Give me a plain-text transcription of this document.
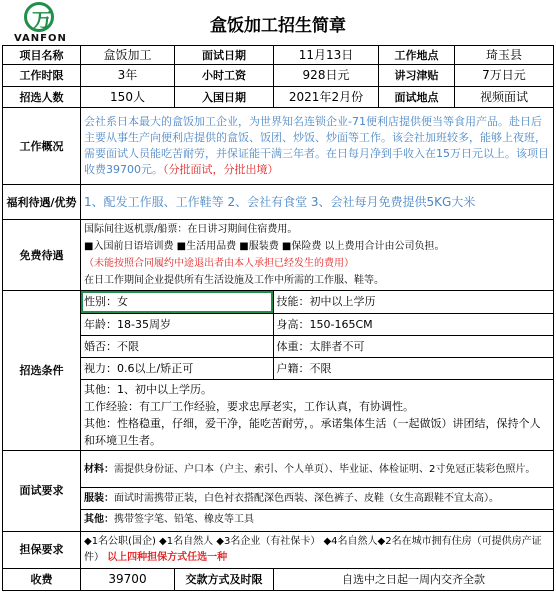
万
VANFON
盒饭加工招生简章
项目名称	盒饭加工	面试日期	11月13日	工作地点	琦玉县
工作时限	3年	小时工资	928日元	讲习津贴	7万日元
招选人数	150人	入国日期	2021年2月份	面试地点	视频面试
工作概况	会社系日本最大的盒饭加工企业，为世界知名连锁企业-71便利店提供便当等食用产品。赴日后主要从事生产向便利店提供的盒饭、饭团、炒饭、炒面等工作。该会社加班较多，能够上夜班，需要面试人员能吃苦耐劳，并保证能干满三年者。在日每月净到手收入在15万日元以上。该项目收费39700元。（分批面试，分批出境）
福利待遇/优势	1、配发工作服、工作鞋等 2、会社有食堂 3、会社每月免费提供5KG大米
免费待遇	
国际间往返机票/船票：在日讲习期间住宿费用。
■入国前日语培训费 ■生活用品费 ■服装费 ■保险费 以上费用合计由公司负担。
（未能按照合同履约中途退出者由本人承担已经发生的费用）
在日工作期间企业提供所有生活设施及工作中所需的工作服、鞋等。

招选条件	
性别：女	技能：初中以上学历
年龄：18-35周岁	身高：150-165CM
婚否：不限	体重：太胖者不可
视力：0.6以上/矫正可	户籍：不限

其他：1、初中以上学历。
工作经验：有工厂工作经验，要求忠厚老实，工作认真，有协调性。
其他：性格稳重，仔细，爱干净，能吃苦耐劳，。承诺集体生活（一起做饭）讲团结，保持个人和环境卫生者。

面试要求	
材料：需提供身份证、户口本（户主、索引、个人单页）、毕业证、体检证明、2寸免冠正装彩色照片。
服装：面试时需携带正装，白色衬衣搭配深色西装、深色裤子、皮鞋（女生高跟鞋不宜太高）。
其他：携带签字笔、铅笔、橡皮等工具

担保要求	◆1名公职(国企) ◆1名自然人 ◆3名企业（有社保卡） ◆4名自然人◆2名在城市拥有住房（可提供房产证件） 以上四种担保方式任选一种
收费	39700	交款方式及时限	自选中之日起一周内交齐全款
